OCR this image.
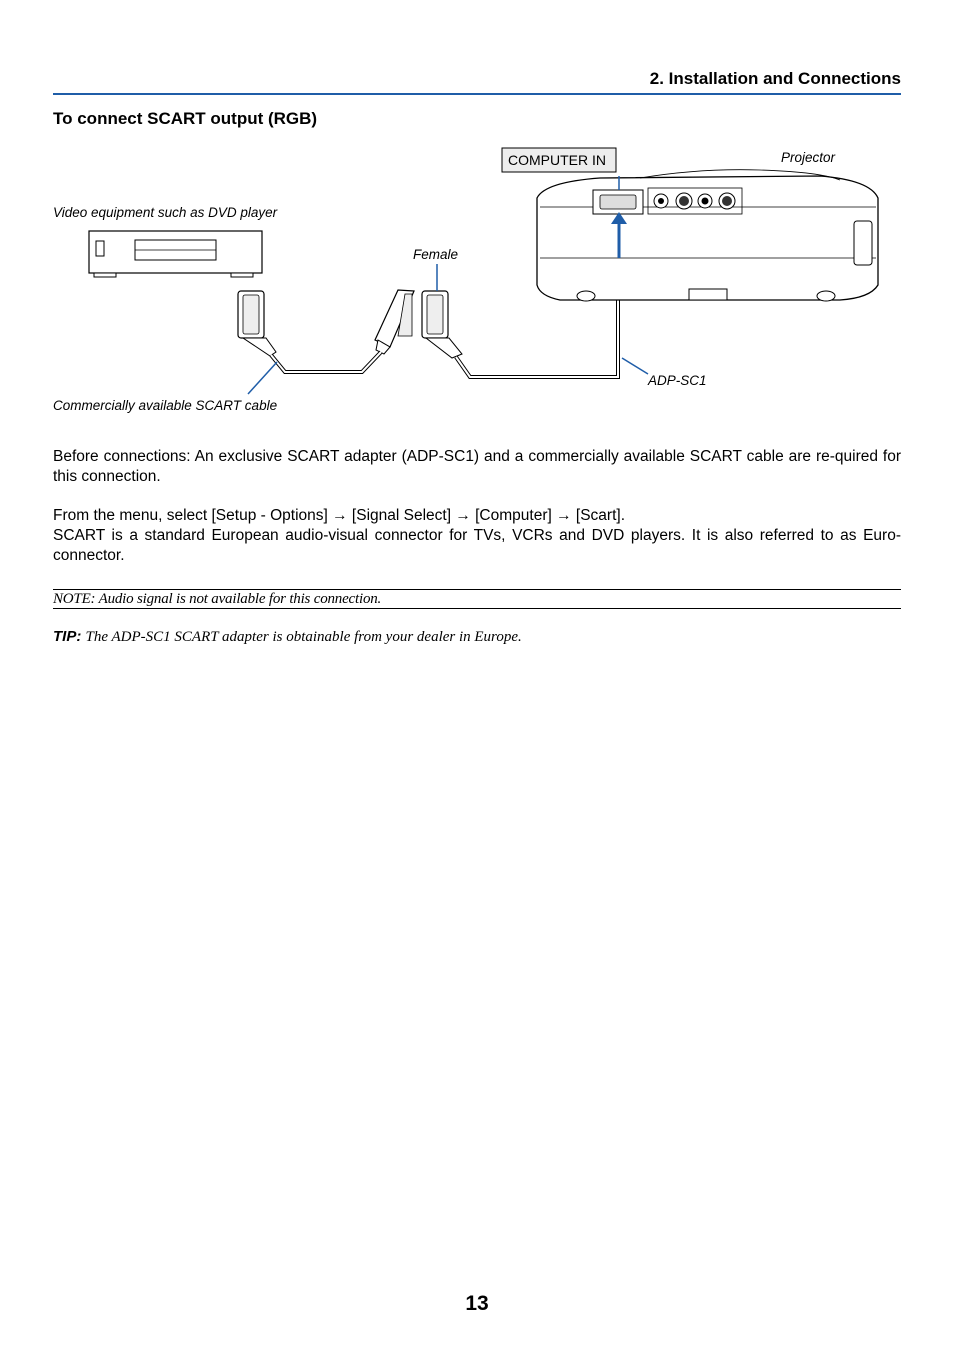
2. Installation and Connections
To connect SCART output (RGB)
COMPUTER IN	Projector
Video equipment such as DVD player
Female
ADP-SC1
Commercially available SCART cable
Before connections: An exclusive SCART adapter (ADP-SC1) and a commercially available SCART cable are re-quired for this connection.
From the menu, select [Setup - Options] → [Signal Select] → [Computer] → [Scart].
SCART is a standard European audio-visual connector for TVs, VCRs and DVD players. It is also referred to as Euro-connector.
NOTE: Audio signal is not available for this connection.
TIP: The ADP-SC1 SCART adapter is obtainable from your dealer in Europe.
13
